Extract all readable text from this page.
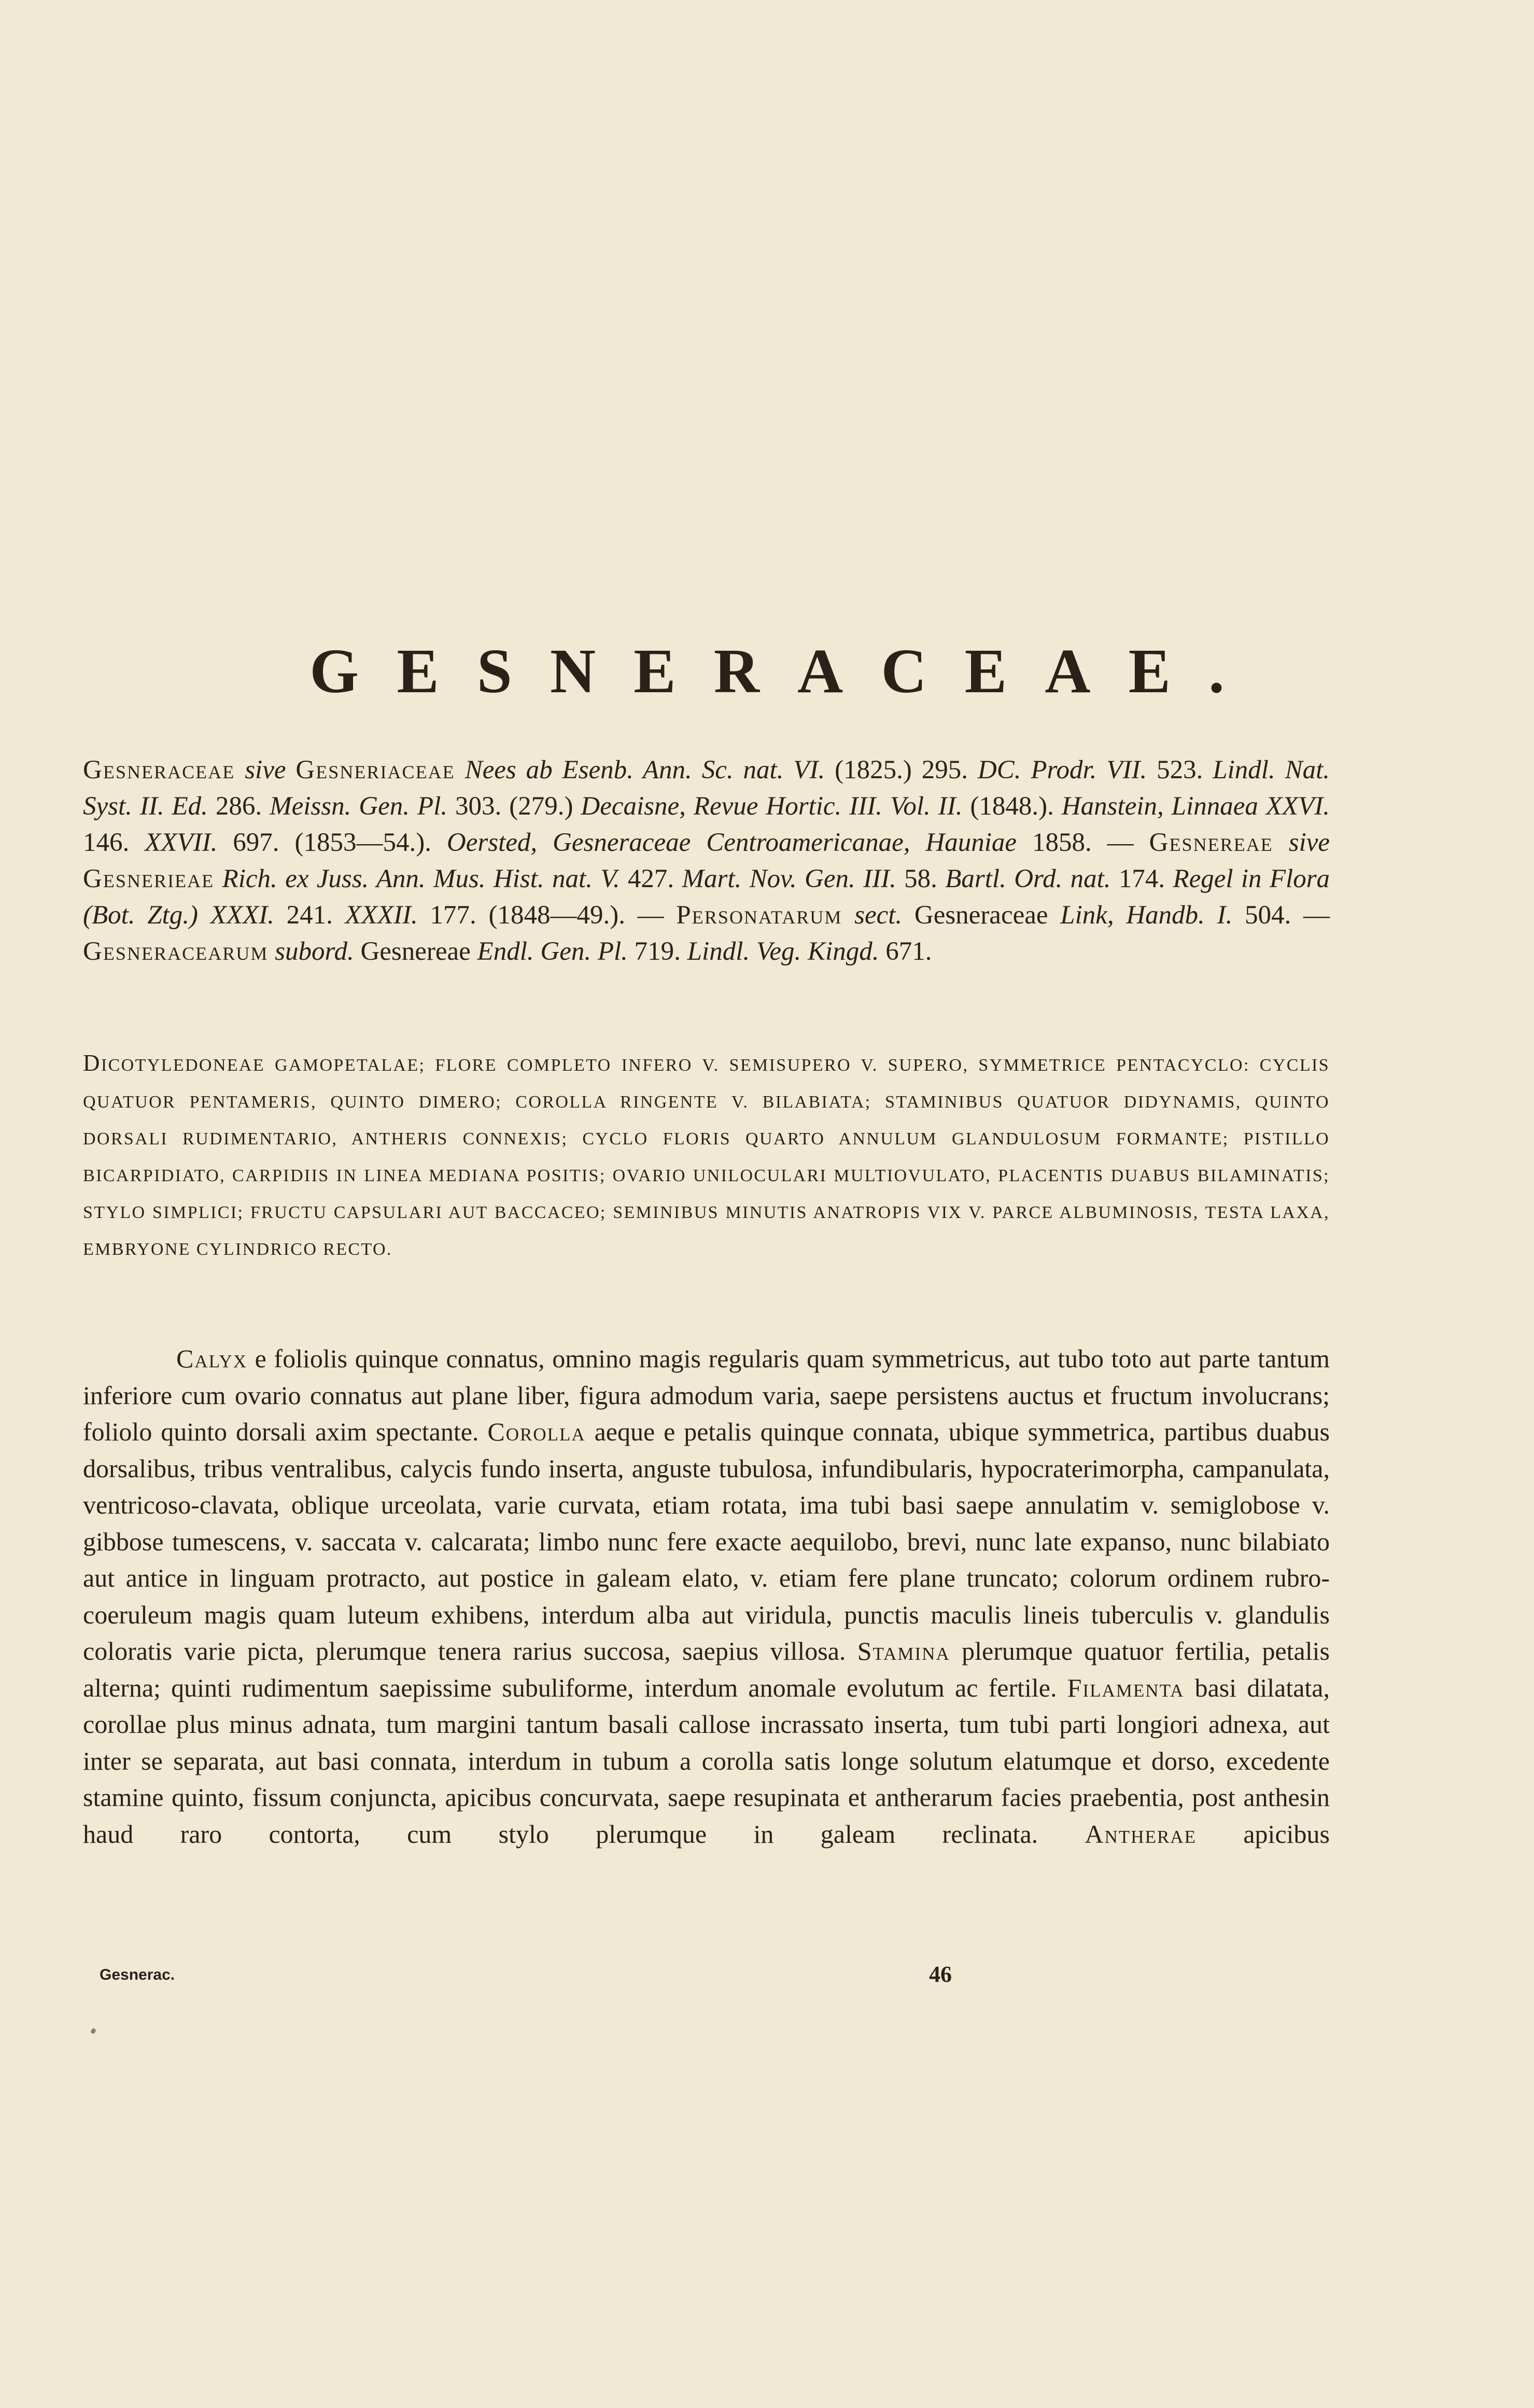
GESNERACEAE.

Gesneraceae sive Gesneriaceae Nees ab Esenb. Ann. Sc. nat. VI. (1825.) 295. DC. Prodr. VII. 523. Lindl. Nat. Syst. II. Ed. 286. Meissn. Gen. Pl. 303. (279.) Decaisne, Revue Hortic. III. Vol. II. (1848.). Hanstein, Linnaea XXVI. 146. XXVII. 697. (1853—54.). Oersted, Gesneraceae Centroamericanae, Hauniae 1858. — Gesnereae sive Gesnerieae Rich. ex Juss. Ann. Mus. Hist. nat. V. 427. Mart. Nov. Gen. III. 58. Bartl. Ord. nat. 174. Regel in Flora (Bot. Ztg.) XXXI. 241. XXXII. 177. (1848—49.). — Personatarum sect. Gesneraceae Link, Handb. I. 504. — Gesneracearum subord. Gesnereae Endl. Gen. Pl. 719. Lindl. Veg. Kingd. 671.

DICOTYLEDONEAE GAMOPETALAE; FLORE COMPLETO INFERO V. SEMISUPERO V. SUPERO, SYMMETRICE PENTACYCLO: CYCLIS QUATUOR PENTAMERIS, QUINTO DIMERO; COROLLA RINGENTE V. BILABIATA; STAMINIBUS QUATUOR DIDYNAMIS, QUINTO DORSALI RUDIMENTARIO, ANTHERIS CONNEXIS; CYCLO FLORIS QUARTO ANNULUM GLANDULOSUM FORMANTE; PISTILLO BICARPIDIATO, CARPIDIIS IN LINEA MEDIANA POSITIS; OVARIO UNILOCULARI MULTIOVULATO, PLACENTIS DUABUS BILAMINATIS; STYLO SIMPLICI; FRUCTU CAPSULARI AUT BACCACEO; SEMINIBUS MINUTIS ANATROPIS VIX V. PARCE ALBUMINOSIS, TESTA LAXA, EMBRYONE CYLINDRICO RECTO.

Calyx e foliolis quinque connatus, omnino magis regularis quam symmetricus, aut tubo toto aut parte tantum inferiore cum ovario connatus aut plane liber, figura admodum varia, saepe persistens auctus et fructum involucrans; foliolo quinto dorsali axim spectante. Corolla aeque e petalis quinque connata, ubique symmetrica, partibus duabus dorsalibus, tribus ventralibus, calycis fundo inserta, anguste tubulosa, infundibularis, hypocraterimorpha, campanulata, ventricoso-clavata, oblique urceolata, varie curvata, etiam rotata, ima tubi basi saepe annulatim v. semiglobose v. gibbose tumescens, v. saccata v. calcarata; limbo nunc fere exacte aequilobo, brevi, nunc late expanso, nunc bilabiato aut antice in linguam protracto, aut postice in galeam elato, v. etiam fere plane truncato; colorum ordinem rubro-coeruleum magis quam luteum exhibens, interdum alba aut viridula, punctis maculis lineis tuberculis v. glandulis coloratis varie picta, plerumque tenera rarius succosa, saepius villosa. Stamina plerumque quatuor fertilia, petalis alterna; quinti rudimentum saepissime subuliforme, interdum anomale evolutum ac fertile. Filamenta basi dilatata, corollae plus minus adnata, tum margini tantum basali callose incrassato inserta, tum tubi parti longiori adnexa, aut inter se separata, aut basi connata, interdum in tubum a corolla satis longe solutum elatumque et dorso, excedente stamine quinto, fissum conjuncta, apicibus concurvata, saepe resupinata et antherarum facies praebentia, post anthesin haud raro contorta, cum stylo plerumque in galeam reclinata. Antherae apicibus

Gesnerac.	46
